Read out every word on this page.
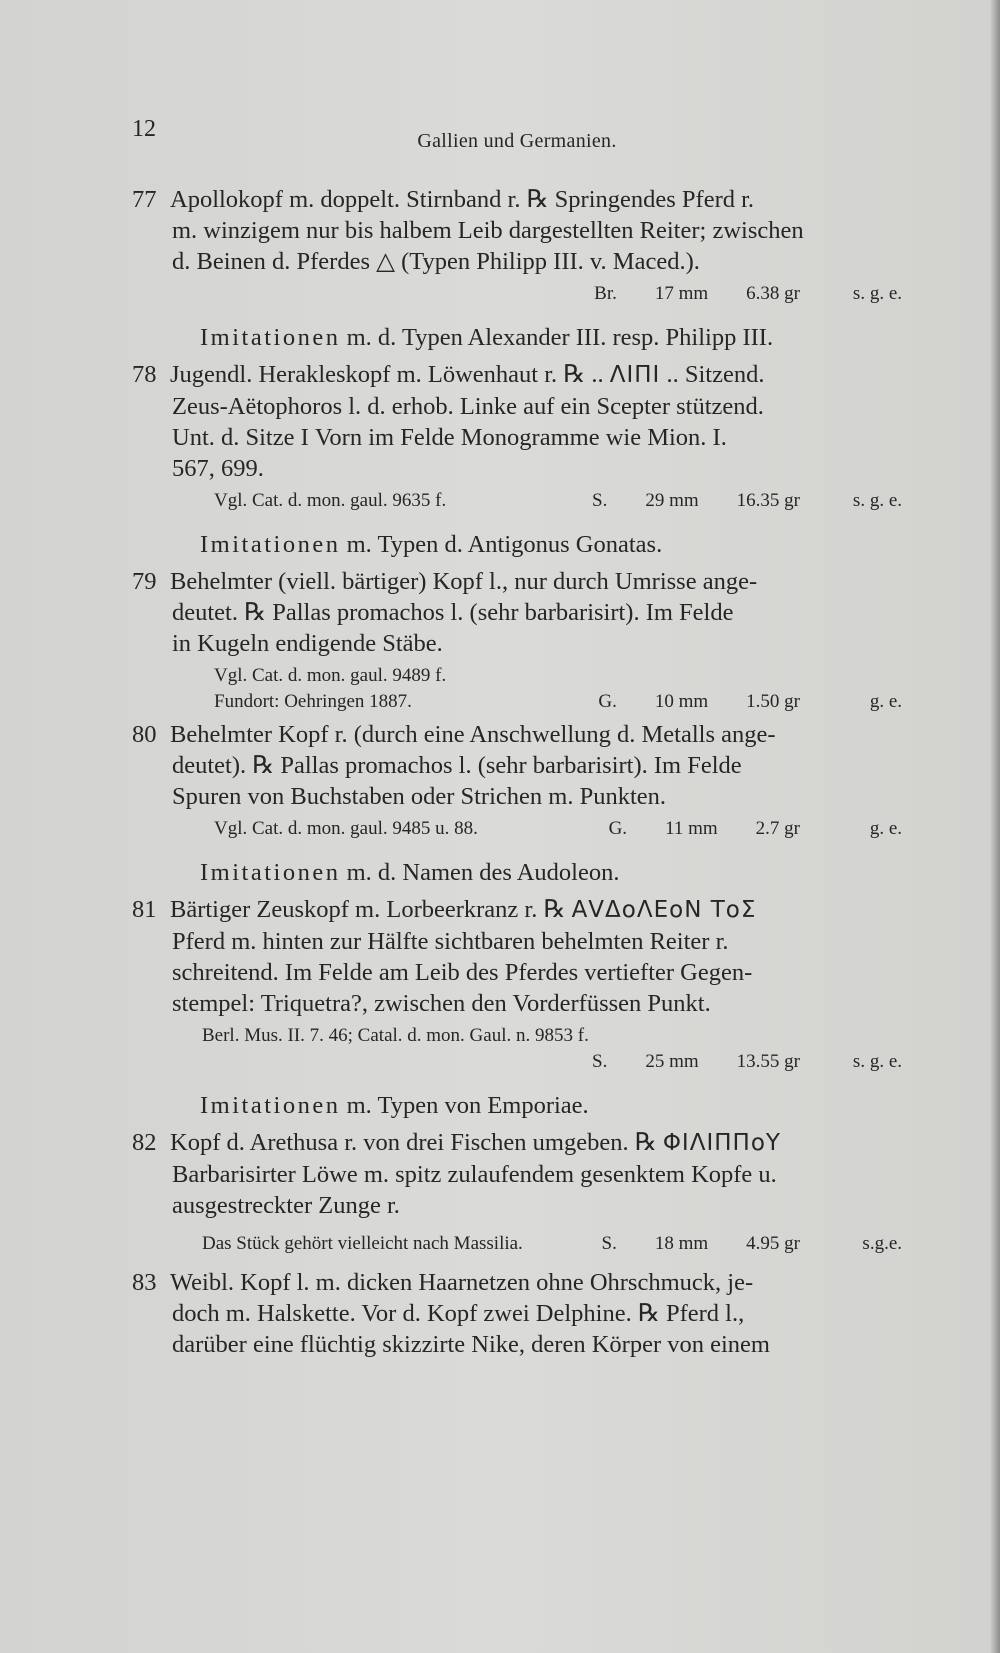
12	Gallien und Germanien.
77 Apollokopf m. doppelt. Stirnband r. ℞ Springendes Pferd r.
m. winzigem nur bis halbem Leib dargestellten Reiter; zwischen
d. Beinen d. Pferdes △ (Typen Philipp III. v. Maced.).
Br. 17 mm 6.38 gr	s. g. e.
Imitationen m. d. Typen Alexander III. resp. Philipp III.
78 Jugendl. Herakleskopf m. Löwenhaut r. ℞ .. ΛΙΠΙ .. Sitzend.
Zeus-Aëtophoros l. d. erhob. Linke auf ein Scepter stützend.
Unt. d. Sitze Ι Vorn im Felde Monogramme wie Mion. I.
567, 699.
Vgl. Cat. d. mon. gaul. 9635 f.	S. 29 mm 16.35 gr	s. g. e.
Imitationen m. Typen d. Antigonus Gonatas.
79 Behelmter (viell. bärtiger) Kopf l., nur durch Umrisse ange-
deutet. ℞ Pallas promachos l. (sehr barbarisirt). Im Felde
in Kugeln endigende Stäbe.
Vgl. Cat. d. mon. gaul. 9489 f.
Fundort: Oehringen 1887.	G. 10 mm 1.50 gr	g. e.
80 Behelmter Kopf r. (durch eine Anschwellung d. Metalls ange-
deutet). ℞ Pallas promachos l. (sehr barbarisirt). Im Felde
Spuren von Buchstaben oder Strichen m. Punkten.
Vgl. Cat. d. mon. gaul. 9485 u. 88.	G. 11 mm 2.7 gr	g. e.
Imitationen m. d. Namen des Audoleon.
81 Bärtiger Zeuskopf m. Lorbeerkranz r. ℞ ΑVΔοΛΕοΝ ΤοΣ
Pferd m. hinten zur Hälfte sichtbaren behelmten Reiter r.
schreitend. Im Felde am Leib des Pferdes vertiefter Gegen-
stempel: Triquetra?, zwischen den Vorderfüssen Punkt.
Berl. Mus. II. 7. 46; Catal. d. mon. Gaul. n. 9853 f.
S. 25 mm 13.55 gr	s. g. e.
Imitationen m. Typen von Emporiae.
82 Kopf d. Arethusa r. von drei Fischen umgeben. ℞ ΦΙΛΙΠΠοΥ
Barbarisirter Löwe m. spitz zulaufendem gesenktem Kopfe u.
ausgestreckter Zunge r.
Das Stück gehört vielleicht nach Massilia.	S. 18 mm 4.95 gr	s.g.e.
83 Weibl. Kopf l. m. dicken Haarnetzen ohne Ohrschmuck, je-
doch m. Halskette. Vor d. Kopf zwei Delphine. ℞ Pferd l.,
darüber eine flüchtig skizzirte Nike, deren Körper von einem
